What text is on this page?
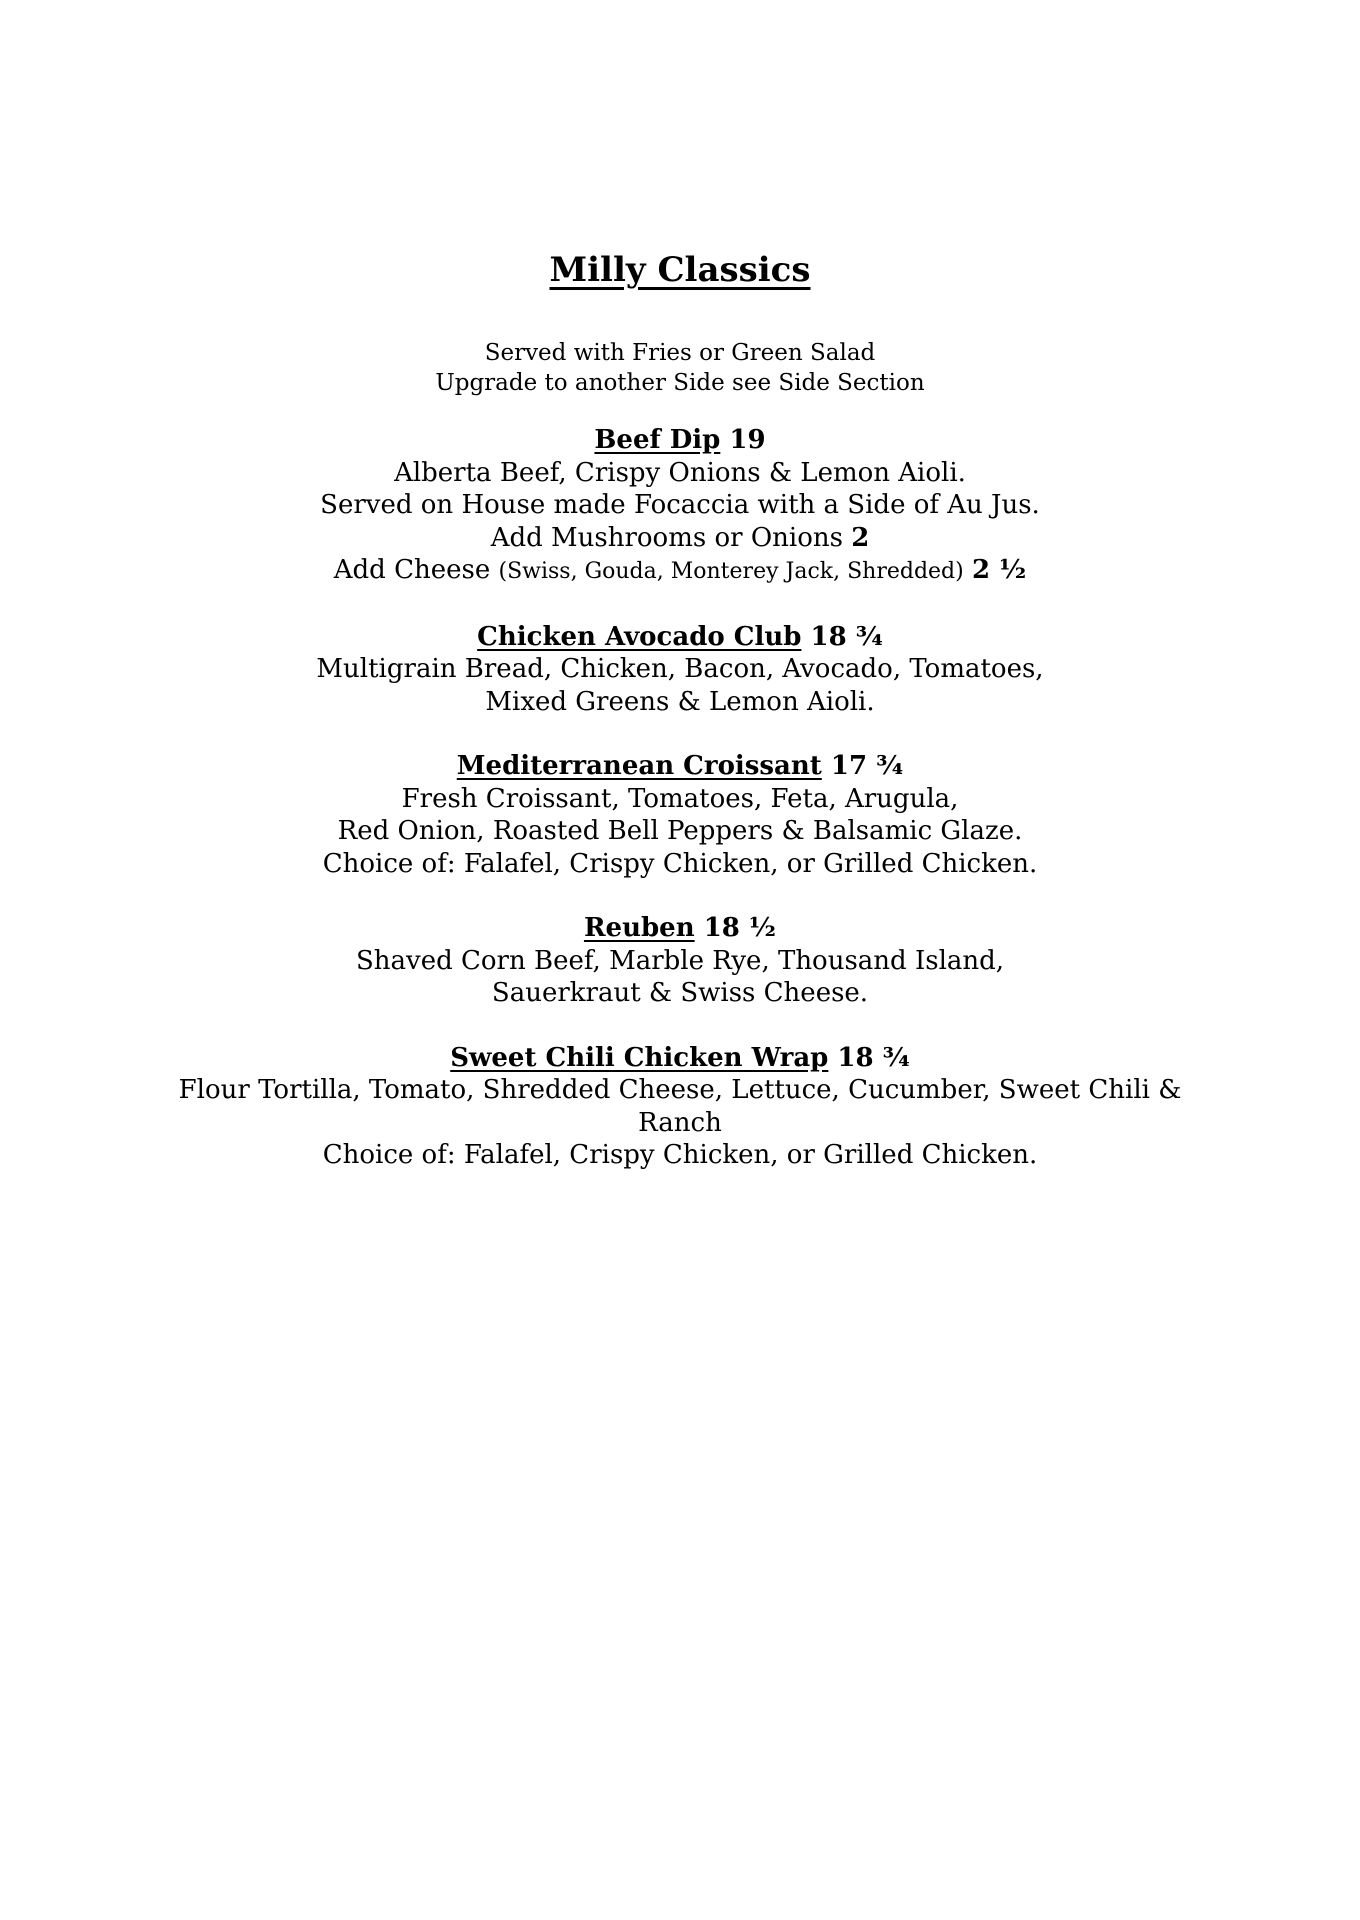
Milly Classics
Served with Fries or Green Salad
Upgrade to another Side see Side Section
Beef Dip 19
Alberta Beef, Crispy Onions & Lemon Aioli.
Served on House made Focaccia with a Side of Au Jus.
Add Mushrooms or Onions 2
Add Cheese (Swiss, Gouda, Monterey Jack, Shredded) 2 ½
Chicken Avocado Club 18 ¾
Multigrain Bread, Chicken, Bacon, Avocado, Tomatoes,
Mixed Greens & Lemon Aioli.
Mediterranean Croissant 17 ¾
Fresh Croissant, Tomatoes, Feta, Arugula,
Red Onion, Roasted Bell Peppers & Balsamic Glaze.
Choice of: Falafel, Crispy Chicken, or Grilled Chicken.
Reuben 18 ½
Shaved Corn Beef, Marble Rye, Thousand Island,
Sauerkraut & Swiss Cheese.
Sweet Chili Chicken Wrap 18 ¾
Flour Tortilla, Tomato, Shredded Cheese, Lettuce, Cucumber, Sweet Chili &
Ranch
Choice of: Falafel, Crispy Chicken, or Grilled Chicken.
